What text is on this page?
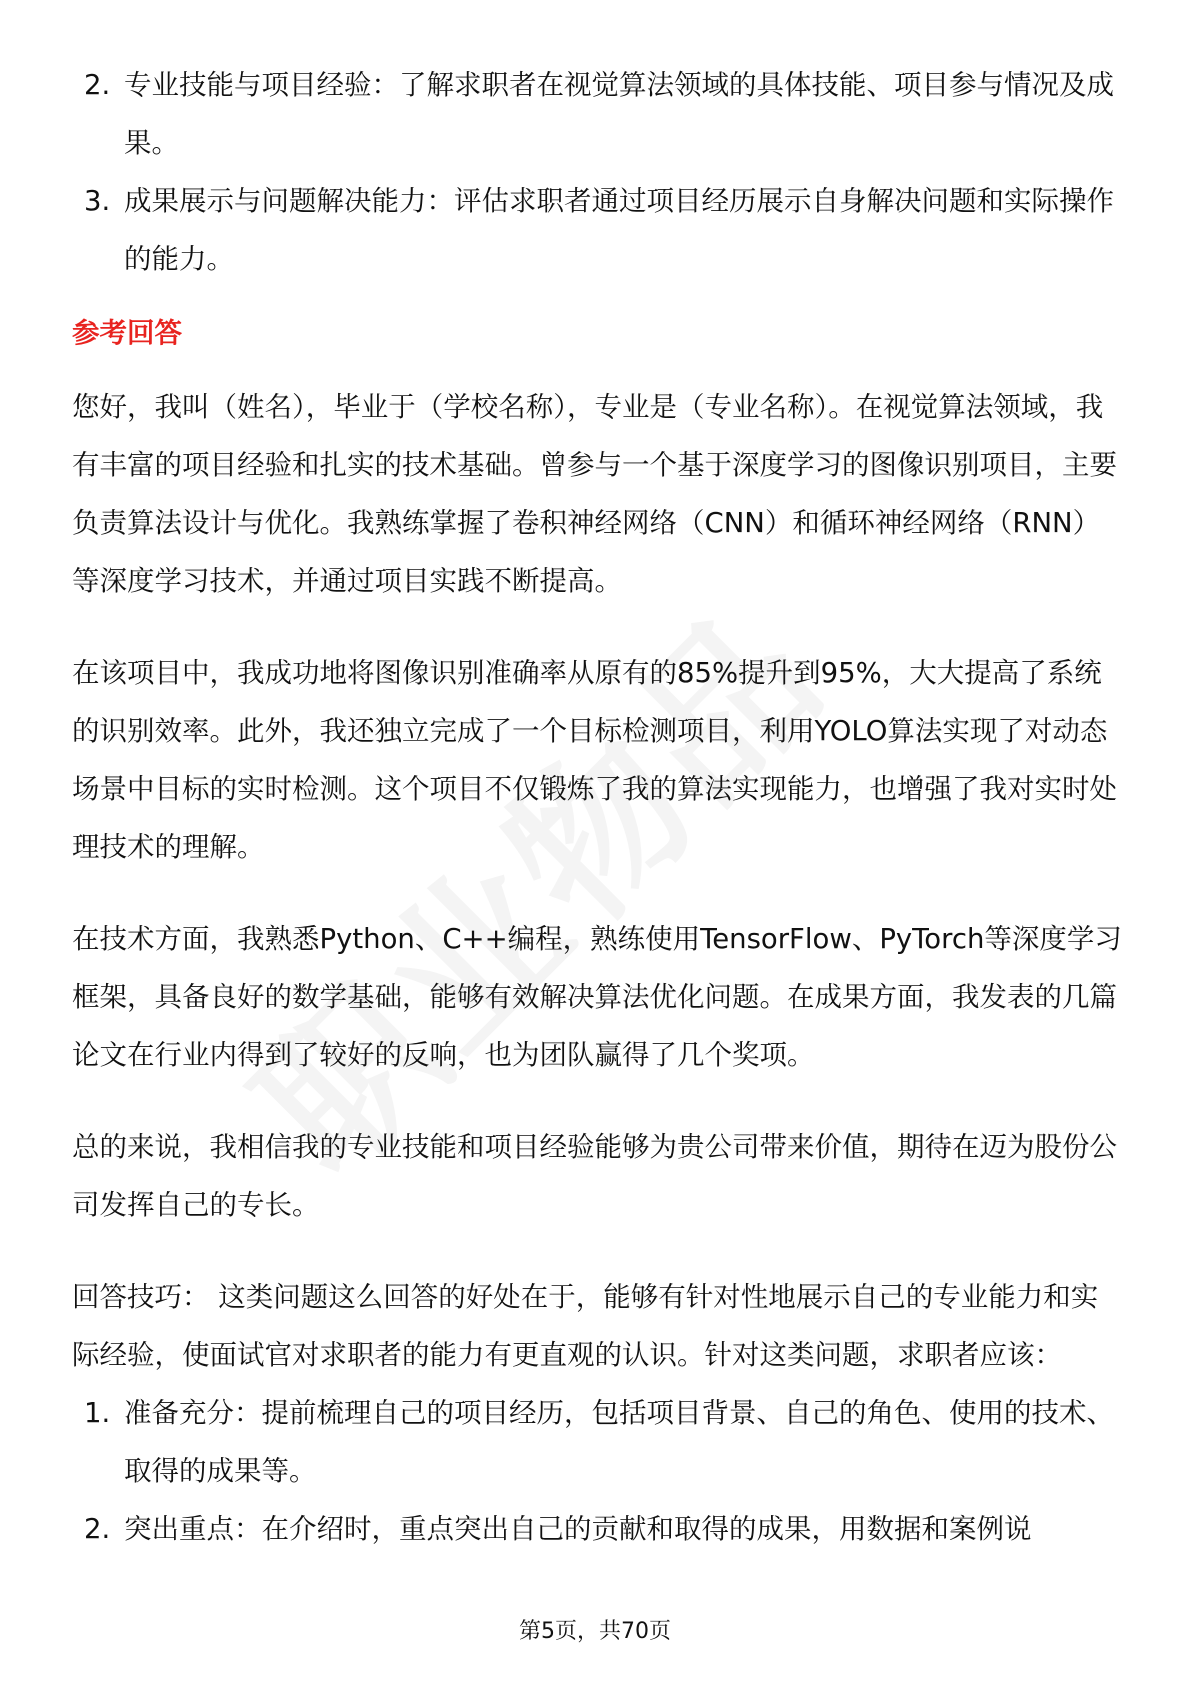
2. 专业技能与项目经验：了解求职者在视觉算法领域的具体技能、项目参与情况及成果。
3. 成果展示与问题解决能力：评估求职者通过项目经历展示自身解决问题和实际操作的能力。
参考回答

您好，我叫（姓名），毕业于（学校名称），专业是（专业名称）。在视觉算法领域，我有丰富的项目经验和扎实的技术基础。曾参与一个基于深度学习的图像识别项目，主要负责算法设计与优化。我熟练掌握了卷积神经网络（CNN）和循环神经网络（RNN）等深度学习技术，并通过项目实践不断提高。

在该项目中，我成功地将图像识别准确率从原有的85%提升到95%，大大提高了系统的识别效率。此外，我还独立完成了一个目标检测项目，利用YOLO算法实现了对动态场景中目标的实时检测。这个项目不仅锻炼了我的算法实现能力，也增强了我对实时处理技术的理解。

在技术方面，我熟悉Python、C++编程，熟练使用TensorFlow、PyTorch等深度学习框架，具备良好的数学基础，能够有效解决算法优化问题。在成果方面，我发表的几篇论文在行业内得到了较好的反响，也为团队赢得了几个奖项。

总的来说，我相信我的专业技能和项目经验能够为贵公司带来价值，期待在迈为股份公司发挥自己的专长。

回答技巧： 这类问题这么回答的好处在于，能够有针对性地展示自己的专业能力和实际经验，使面试官对求职者的能力有更直观的认识。针对这类问题，求职者应该：

1. 准备充分：提前梳理自己的项目经历，包括项目背景、自己的角色、使用的技术、取得的成果等。
2. 突出重点：在介绍时，重点突出自己的贡献和取得的成果，用数据和案例说
第5页，共70页
